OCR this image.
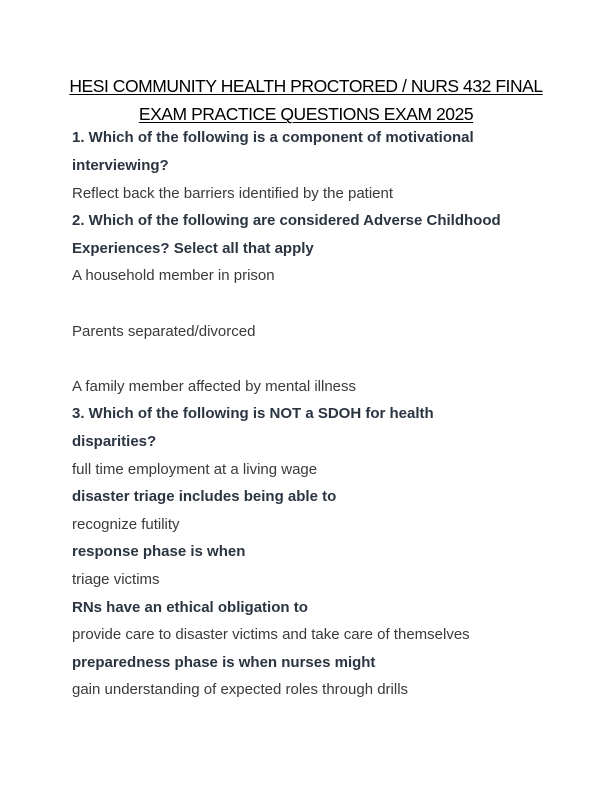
HESI COMMUNITY HEALTH PROCTORED / NURS 432 FINAL
EXAM PRACTICE QUESTIONS EXAM 2025
1. Which of the following is a component of motivational
interviewing?
Reflect back the barriers identified by the patient
2. Which of the following are considered Adverse Childhood
Experiences? Select all that apply
A household member in prison
Parents separated/divorced
A family member affected by mental illness
3. Which of the following is NOT a SDOH for health
disparities?
full time employment at a living wage
disaster triage includes being able to
recognize futility
response phase is when
triage victims
RNs have an ethical obligation to
provide care to disaster victims and take care of themselves
preparedness phase is when nurses might
gain understanding of expected roles through drills
